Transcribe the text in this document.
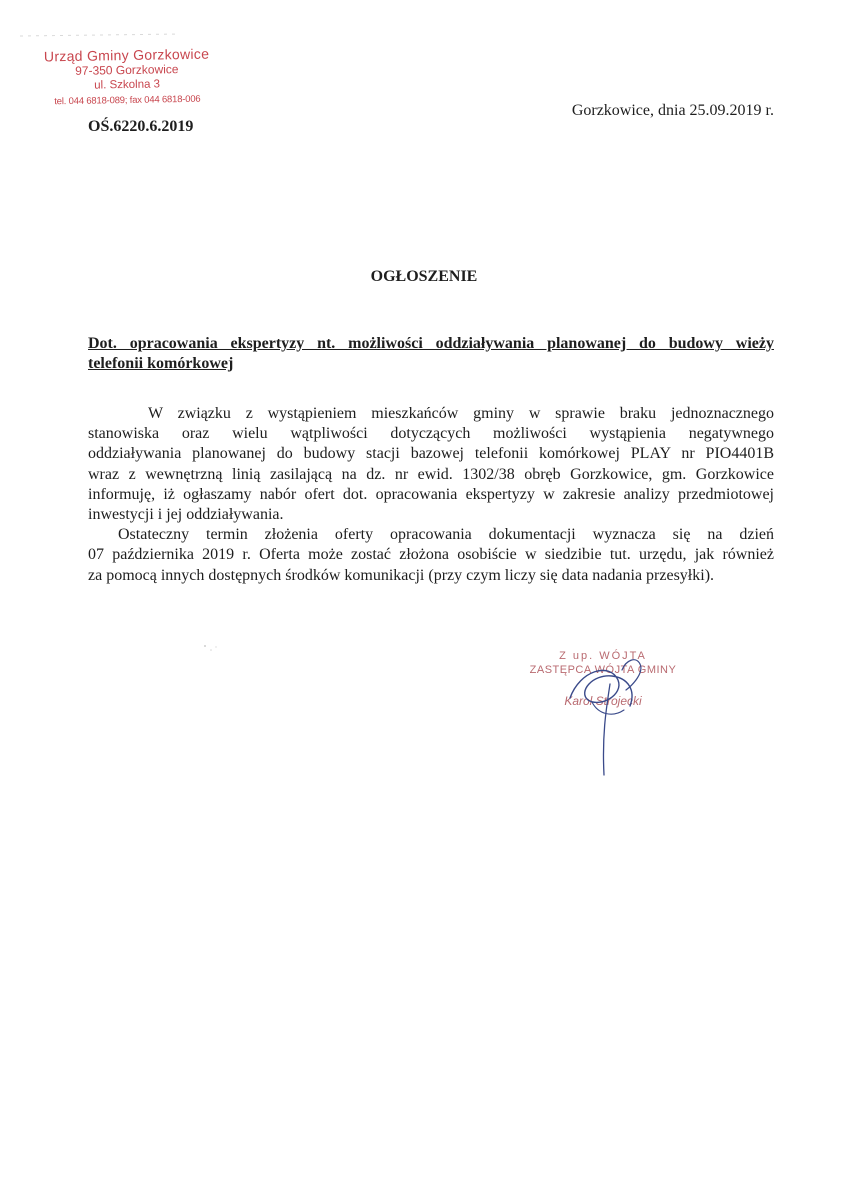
Urząd Gminy Gorzkowice
97-350 Gorzkowice
ul. Szkolna 3
tel. 044 6818-089; fax 044 6818-006
OŚ.6220.6.2019
Gorzkowice, dnia 25.09.2019 r.
OGŁOSZENIE
Dot. opracowania ekspertyzy nt. możliwości oddziaływania planowanej do budowy wieży
telefonii komórkowej
W związku z wystąpieniem mieszkańców gminy w sprawie braku jednoznacznego
stanowiska oraz wielu wątpliwości dotyczących możliwości wystąpienia negatywnego
oddziaływania planowanej do budowy stacji bazowej telefonii komórkowej PLAY nr PIO4401B
wraz z wewnętrzną linią zasilającą na dz. nr ewid. 1302/38 obręb Gorzkowice, gm. Gorzkowice
informuję, iż ogłaszamy nabór ofert dot. opracowania ekspertyzy w zakresie analizy przedmiotowej
inwestycji i jej oddziaływania.
Ostateczny termin złożenia oferty opracowania dokumentacji wyznacza się na dzień
07 października 2019 r. Oferta może zostać złożona osobiście w siedzibie tut. urzędu, jak również
za pomocą innych dostępnych środków komunikacji (przy czym liczy się data nadania przesyłki).
Z up. WÓJTA
ZASTĘPCA WÓJTA GMINY
Karol Strojecki
